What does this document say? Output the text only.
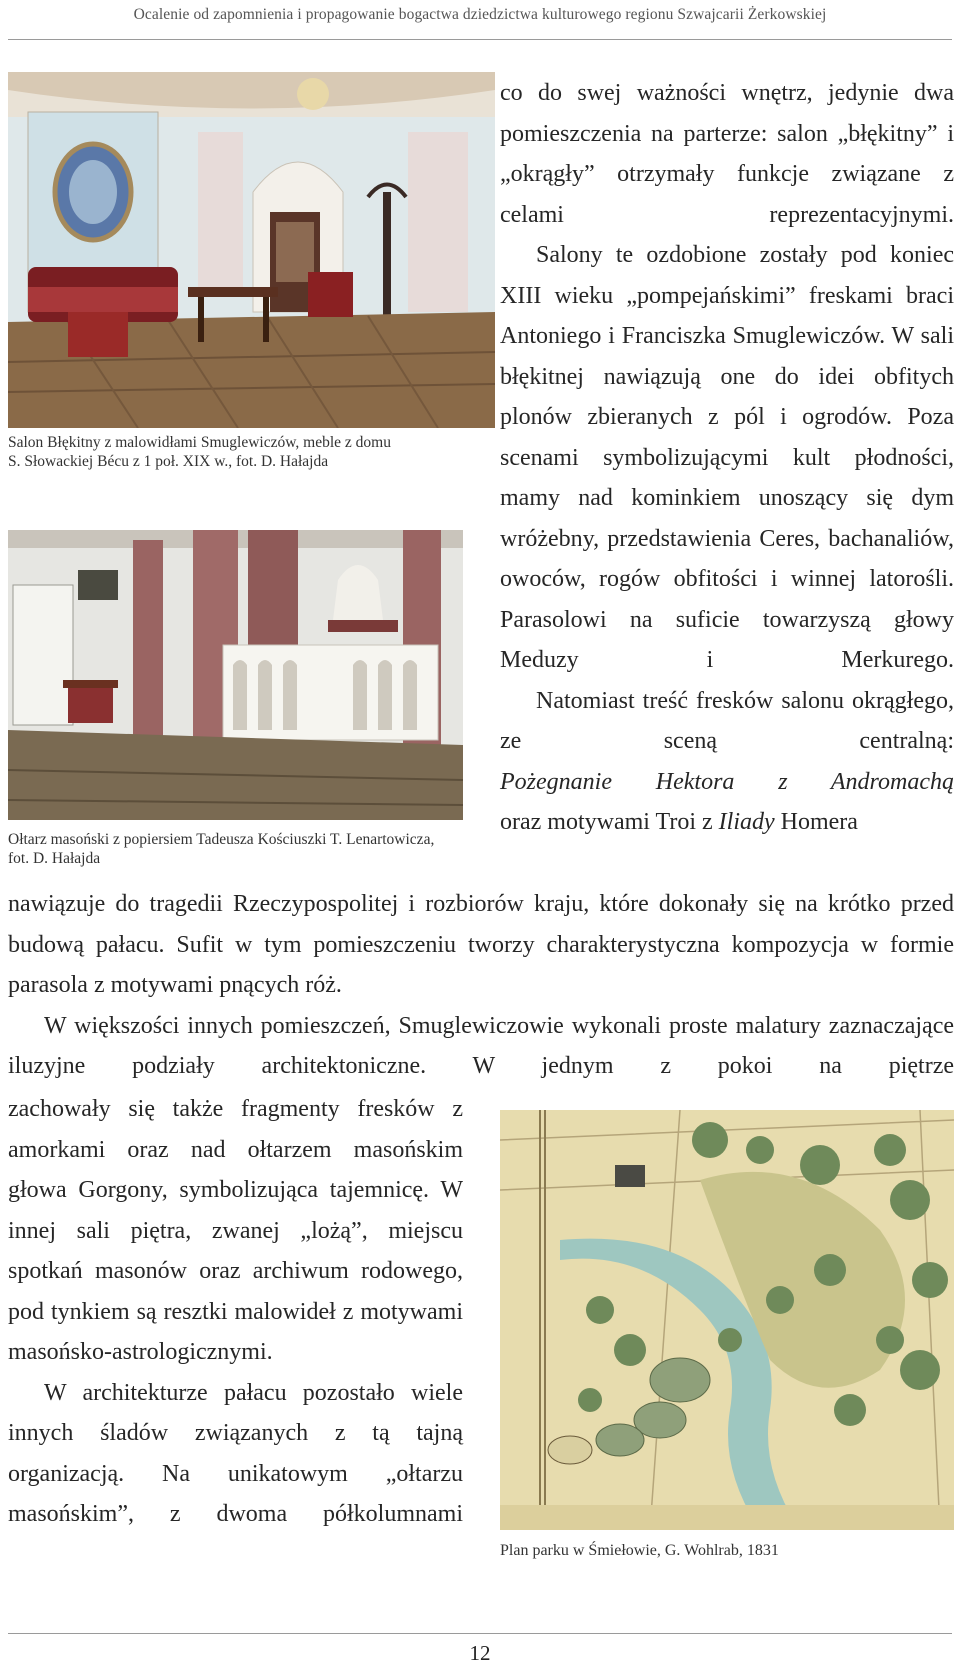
Ocalenie od zapomnienia i propagowanie bogactwa dziedzictwa kulturowego regionu Szwajcarii Żerkowskiej
Salon Błękitny z malowidłami Smuglewiczów, meble z domu S. Słowackiej Bécu z 1 poł. XIX w., fot. D. Hałajda
Ołtarz masoński z popiersiem Tadeusza Kościuszki T. Lenartowicza, fot. D. Hałajda

co do swej ważności wnętrz, jedynie dwa pomieszczenia na parterze: salon „błękitny” i „okrągły” otrzymały funkcje związane z celami reprezentacyjnymi.

Salony te ozdobione zostały pod koniec XIII wieku „pompejańskimi” freskami braci Antoniego i Franciszka Smuglewiczów. W sali błękitnej nawiązują one do idei obfitych plonów zbieranych z pól i ogrodów. Poza scenami symbolizującymi kult płodności, mamy nad kominkiem unoszący się dym wróżebny, przedstawienia Ceres, bachanaliów, owoców, rogów obfitości i winnej latorośli. Parasolowi na suficie towarzyszą głowy Meduzy i Merkurego.

Natomiast treść fresków salonu okrągłego, ze sceną centralną:

Pożegnanie Hektora z Andromachą

oraz motywami Troi z Iliady Homera

nawiązuje do tragedii Rzeczypospolitej i rozbiorów kraju, które dokonały się na krótko przed budową pałacu. Sufit w tym pomieszczeniu tworzy charakterystyczna kompozycja w formie parasola z motywami pnących róż.

W większości innych pomieszczeń, Smuglewiczowie wykonali proste malatury zaznaczające iluzyjne podziały architektoniczne. W jednym z pokoi na piętrze

zachowały się także fragmenty fresków z amorkami oraz nad ołtarzem masońskim głowa Gorgony, symbolizująca tajemnicę. W innej sali piętra, zwanej „lożą”, miejscu spotkań masonów oraz archiwum rodowego, pod tynkiem są resztki malowideł z motywami masońsko-astrologicznymi.

W architekturze pałacu pozostało wiele innych śladów związanych z tą tajną organizacją. Na unikatowym „ołtarzu masońskim”, z dwoma półkolumnami

Plan parku w Śmiełowie, G. Wohlrab, 1831
12
